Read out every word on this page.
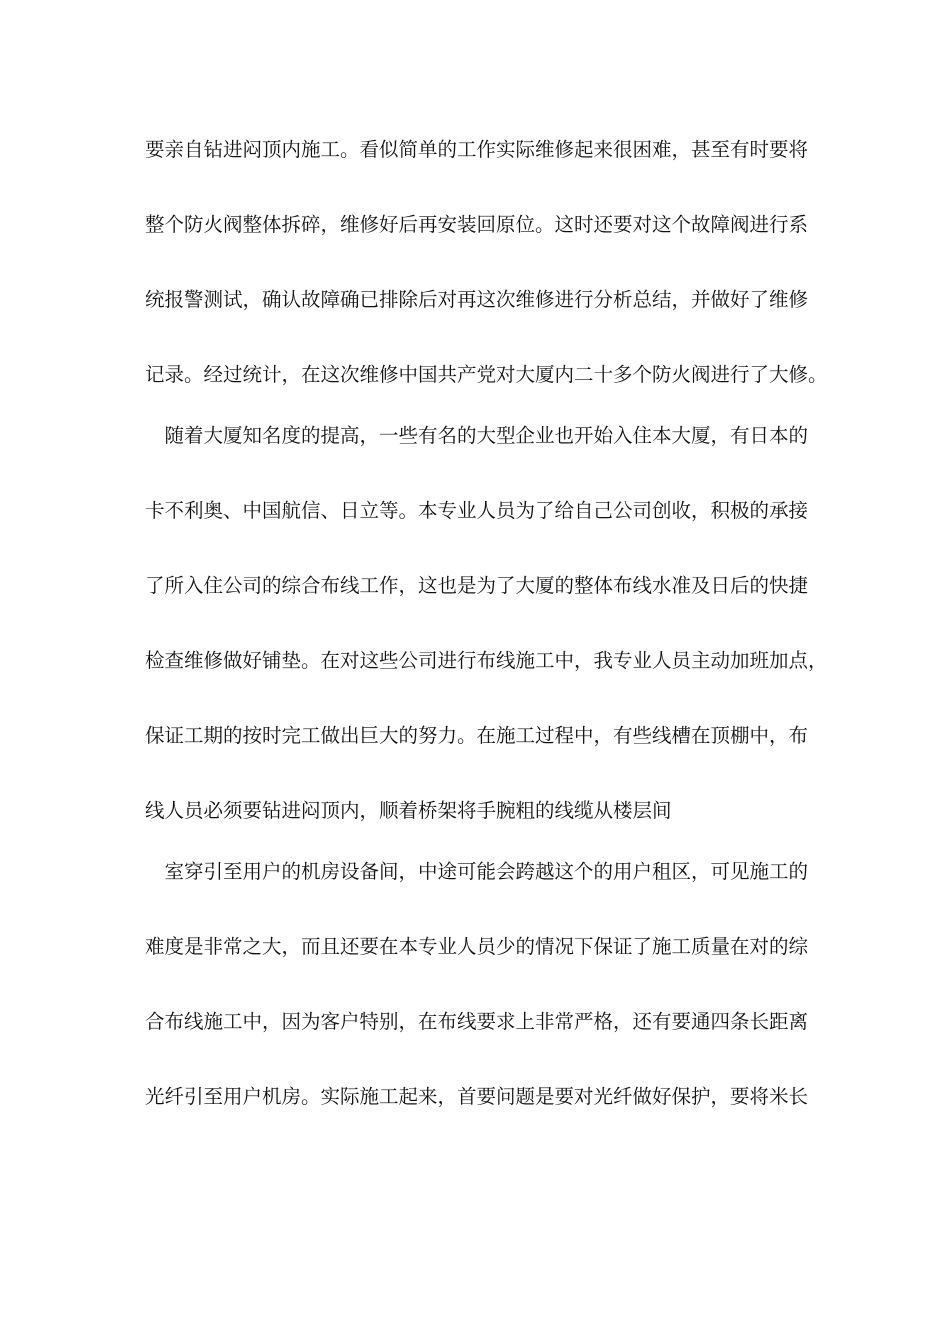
要亲自钻进闷顶内施工。看似简单的工作实际维修起来很困难，甚至有时要将
整个防火阀整体拆碎，维修好后再安装回原位。这时还要对这个故障阀进行系
统报警测试，确认故障确已排除后对再这次维修进行分析总结，并做好了维修
记录。经过统计，在这次维修中国共产党对大厦内二十多个防火阀进行了大修。
　随着大厦知名度的提高，一些有名的大型企业也开始入住本大厦，有日本的
卡不利奥、中国航信、日立等。本专业人员为了给自己公司创收，积极的承接
了所入住公司的综合布线工作，这也是为了大厦的整体布线水准及日后的快捷
检查维修做好铺垫。在对这些公司进行布线施工中，我专业人员主动加班加点，
保证工期的按时完工做出巨大的努力。在施工过程中，有些线槽在顶棚中，布
线人员必须要钻进闷顶内，顺着桥架将手腕粗的线缆从楼层间
　室穿引至用户的机房设备间，中途可能会跨越这个的用户租区，可见施工的
难度是非常之大，而且还要在本专业人员少的情况下保证了施工质量在对的综
合布线施工中，因为客户特别，在布线要求上非常严格，还有要通四条长距离
光纤引至用户机房。实际施工起来，首要问题是要对光纤做好保护，要将米长
